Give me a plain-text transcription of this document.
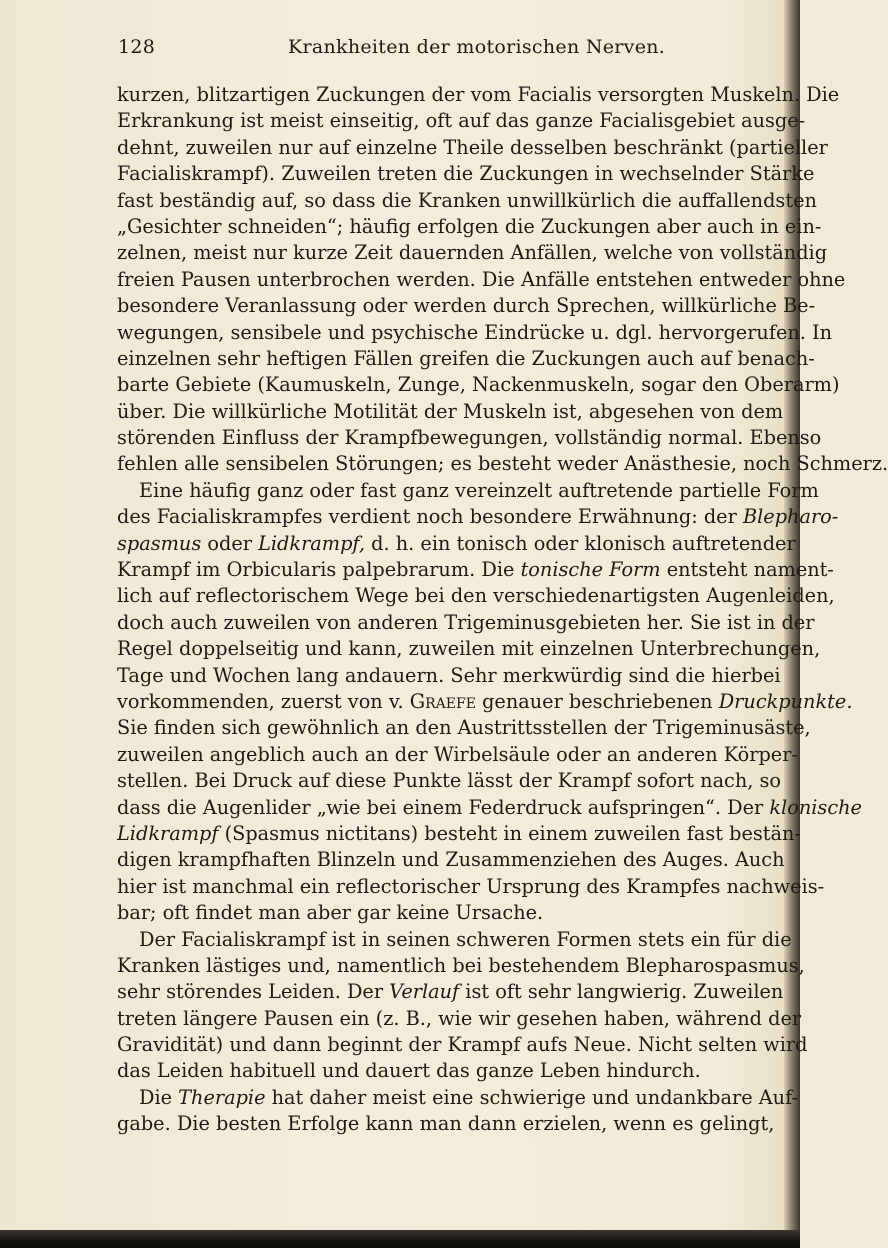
128	Krankheiten der motorischen Nerven.
kurzen, blitzartigen Zuckungen der vom Facialis versorgten Muskeln. Die
Erkrankung ist meist einseitig, oft auf das ganze Facialisgebiet ausge-
dehnt, zuweilen nur auf einzelne Theile desselben beschränkt (partieller
Facialiskrampf). Zuweilen treten die Zuckungen in wechselnder Stärke
fast beständig auf, so dass die Kranken unwillkürlich die auffallendsten
„Gesichter schneiden“; häufig erfolgen die Zuckungen aber auch in ein-
zelnen, meist nur kurze Zeit dauernden Anfällen, welche von vollständig
freien Pausen unterbrochen werden. Die Anfälle entstehen entweder ohne
besondere Veranlassung oder werden durch Sprechen, willkürliche Be-
wegungen, sensibele und psychische Eindrücke u. dgl. hervorgerufen. In
einzelnen sehr heftigen Fällen greifen die Zuckungen auch auf benach-
barte Gebiete (Kaumuskeln, Zunge, Nackenmuskeln, sogar den Oberarm)
über. Die willkürliche Motilität der Muskeln ist, abgesehen von dem
störenden Einfluss der Krampfbewegungen, vollständig normal. Ebenso
fehlen alle sensibelen Störungen; es besteht weder Anästhesie, noch Schmerz.
Eine häufig ganz oder fast ganz vereinzelt auftretende partielle Form
des Facialiskrampfes verdient noch besondere Erwähnung: der Blepharo-
spasmus oder Lidkrampf, d. h. ein tonisch oder klonisch auftretender
Krampf im Orbicularis palpebrarum. Die tonische Form entsteht nament-
lich auf reflectorischem Wege bei den verschiedenartigsten Augenleiden,
doch auch zuweilen von anderen Trigeminusgebieten her. Sie ist in der
Regel doppelseitig und kann, zuweilen mit einzelnen Unterbrechungen,
Tage und Wochen lang andauern. Sehr merkwürdig sind die hierbei
vorkommenden, zuerst von v. Graefe genauer beschriebenen Druckpunkte.
Sie finden sich gewöhnlich an den Austrittsstellen der Trigeminusäste,
zuweilen angeblich auch an der Wirbelsäule oder an anderen Körper-
stellen. Bei Druck auf diese Punkte lässt der Krampf sofort nach, so
dass die Augenlider „wie bei einem Federdruck aufspringen“. Der klonische
Lidkrampf (Spasmus nictitans) besteht in einem zuweilen fast bestän-
digen krampfhaften Blinzeln und Zusammenziehen des Auges. Auch
hier ist manchmal ein reflectorischer Ursprung des Krampfes nachweis-
bar; oft findet man aber gar keine Ursache.
Der Facialiskrampf ist in seinen schweren Formen stets ein für die
Kranken lästiges und, namentlich bei bestehendem Blepharospasmus,
sehr störendes Leiden. Der Verlauf ist oft sehr langwierig. Zuweilen
treten längere Pausen ein (z. B., wie wir gesehen haben, während der
Gravidität) und dann beginnt der Krampf aufs Neue. Nicht selten wird
das Leiden habituell und dauert das ganze Leben hindurch.
Die Therapie hat daher meist eine schwierige und undankbare Auf-
gabe. Die besten Erfolge kann man dann erzielen, wenn es gelingt,
